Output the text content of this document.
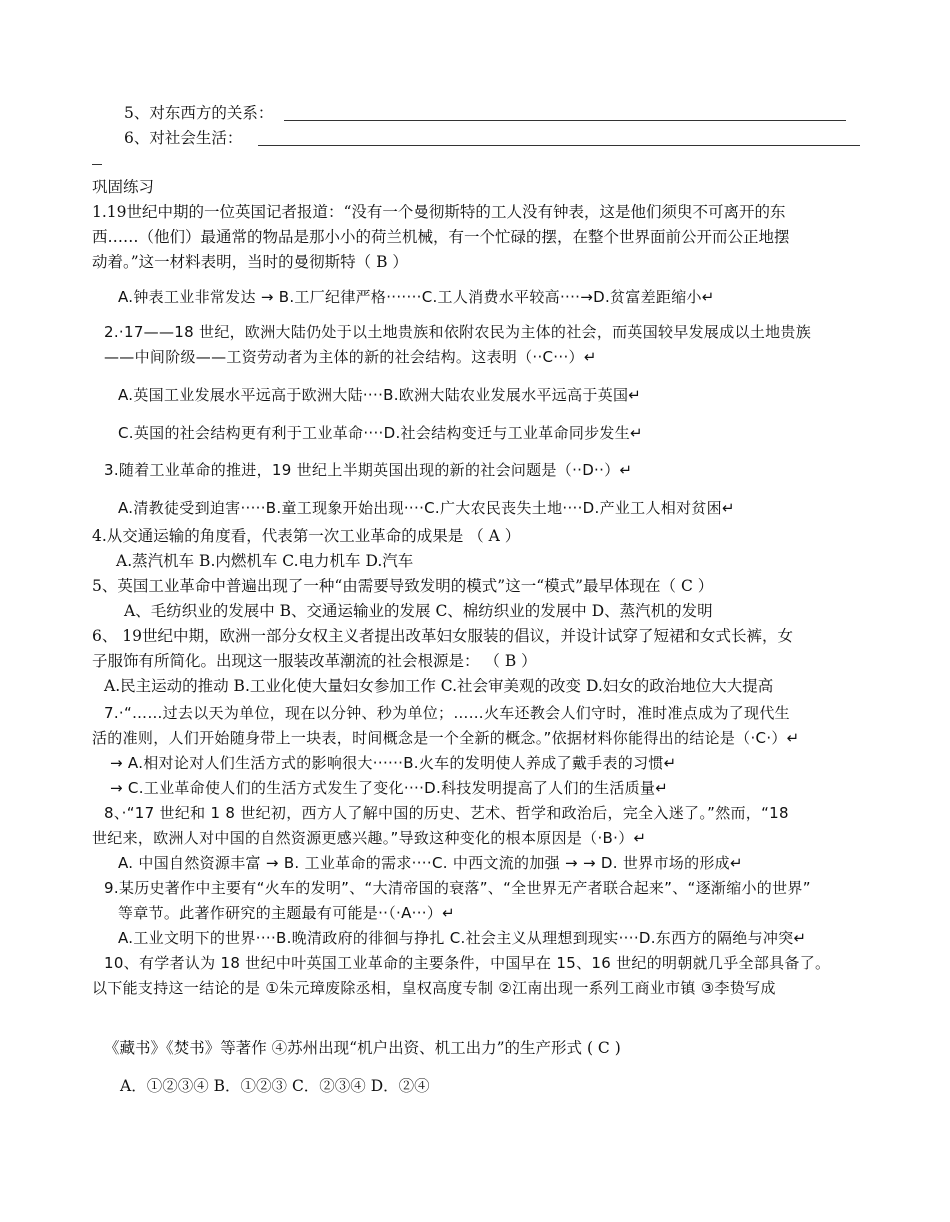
5、对东西方的关系：
6、对社会生活：
巩固练习
1.19世纪中期的一位英国记者报道：“没有一个曼彻斯特的工人没有钟表，这是他们须臾不可离开的东
西……（他们）最通常的物品是那小小的荷兰机械，有一个忙碌的摆，在整个世界面前公开而公正地摆
动着。”这一材料表明，当时的曼彻斯特（ B ）
A.钟表工业非常发达 → B.工厂纪律严格·······C.工人消费水平较高····→D.贫富差距缩小↵
2.·17——18 世纪，欧洲大陆仍处于以土地贵族和依附农民为主体的社会，而英国较早发展成以土地贵族
——中间阶级——工资劳动者为主体的新的社会结构。这表明（··C···）↵
A.英国工业发展水平远高于欧洲大陆····B.欧洲大陆农业发展水平远高于英国↵
C.英国的社会结构更有利于工业革命····D.社会结构变迁与工业革命同步发生↵
3.随着工业革命的推进，19 世纪上半期英国出现的新的社会问题是（··D··）↵
A.清教徒受到迫害·····B.童工现象开始出现····C.广大农民丧失土地····D.产业工人相对贫困↵
4.从交通运输的角度看，代表第一次工业革命的成果是 （ A ）
A.蒸汽机车 B.内燃机车 C.电力机车 D.汽车
5、英国工业革命中普遍出现了一种“由需要导致发明的模式”这一“模式”最早体现在（ C ）
A、毛纺织业的发展中 B、交通运输业的发展 C、棉纺织业的发展中 D、蒸汽机的发明
6、 19世纪中期，欧洲一部分女权主义者提出改革妇女服装的倡议，并设计试穿了短裙和女式长裤，女
子服饰有所简化。出现这一服装改革潮流的社会根源是： （ B ）
A.民主运动的推动 B.工业化使大量妇女参加工作 C.社会审美观的改变 D.妇女的政治地位大大提高
7.·“……过去以天为单位，现在以分钟、秒为单位；……火车还教会人们守时，准时准点成为了现代生
活的准则，人们开始随身带上一块表，时间概念是一个全新的概念。”依据材料你能得出的结论是（·C·）↵
→ A.相对论对人们生活方式的影响很大······B.火车的发明使人养成了戴手表的习惯↵
→ C.工业革命使人们的生活方式发生了变化····D.科技发明提高了人们的生活质量↵
8、·“17 世纪和 1 8 世纪初，西方人了解中国的历史、艺术、哲学和政治后，完全入迷了。”然而，“18
世纪来，欧洲人对中国的自然资源更感兴趣。”导致这种变化的根本原因是（·B·）↵
A. 中国自然资源丰富 → B. 工业革命的需求····C. 中西文流的加强 → → D. 世界市场的形成↵
9.某历史著作中主要有“火车的发明”、“大清帝国的衰落”、“全世界无产者联合起来”、“逐渐缩小的世界”
等章节。此著作研究的主题最有可能是··（·A···）↵
A.工业文明下的世界····B.晚清政府的徘徊与挣扎 C.社会主义从理想到现实····D.东西方的隔绝与冲突↵
10、有学者认为 18 世纪中叶英国工业革命的主要条件，中国早在 15、16 世纪的明朝就几乎全部具备了。
以下能支持这一结论的是 ①朱元璋废除丞相，皇权高度专制 ②江南出现一系列工商业市镇 ③李贽写成
《藏书》《焚书》等著作 ④苏州出现“机户出资、机工出力”的生产形式 ( C )
A．①②③④ B．①②③ C．②③④ D．②④
